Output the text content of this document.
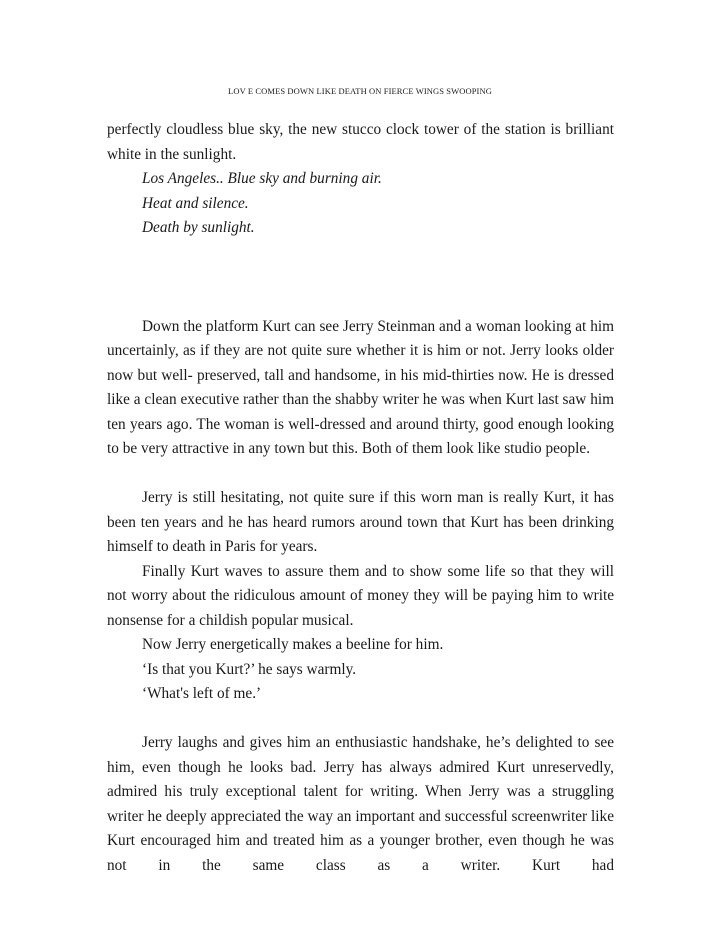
LOV E COMES DOWN LIKE DEATH ON FIERCE WINGS SWOOPING

perfectly cloudless blue sky, the new stucco clock tower of the station is brilliant white in the sunlight.

Los Angeles.. Blue sky and burning air.

Heat and silence.

Death by sunlight.

Down the platform Kurt can see Jerry Steinman and a woman looking at him uncertainly, as if they are not quite sure whether it is him or not. Jerry looks older now but well- preserved, tall and handsome, in his mid-thirties now. He is dressed like a clean executive rather than the shabby writer he was when Kurt last saw him ten years ago. The woman is well-dressed and around thirty, good enough looking to be very attractive in any town but this. Both of them look like studio people.

Jerry is still hesitating, not quite sure if this worn man is really Kurt, it has been ten years and he has heard rumors around town that Kurt has been drinking himself to death in Paris for years.

Finally Kurt waves to assure them and to show some life so that they will not worry about the ridiculous amount of money they will be paying him to write nonsense for a childish popular musical.

Now Jerry energetically makes a beeline for him.

‘Is that you Kurt?’ he says warmly.

‘What's left of me.’

Jerry laughs and gives him an enthusiastic handshake, he’s delighted to see him, even though he looks bad. Jerry has always admired Kurt unreservedly, admired his truly exceptional talent for writing. When Jerry was a struggling writer he deeply appreciated the way an important and successful screenwriter like Kurt encouraged him and treated him as a younger brother, even though he was not in the same class as a writer. Kurt had
